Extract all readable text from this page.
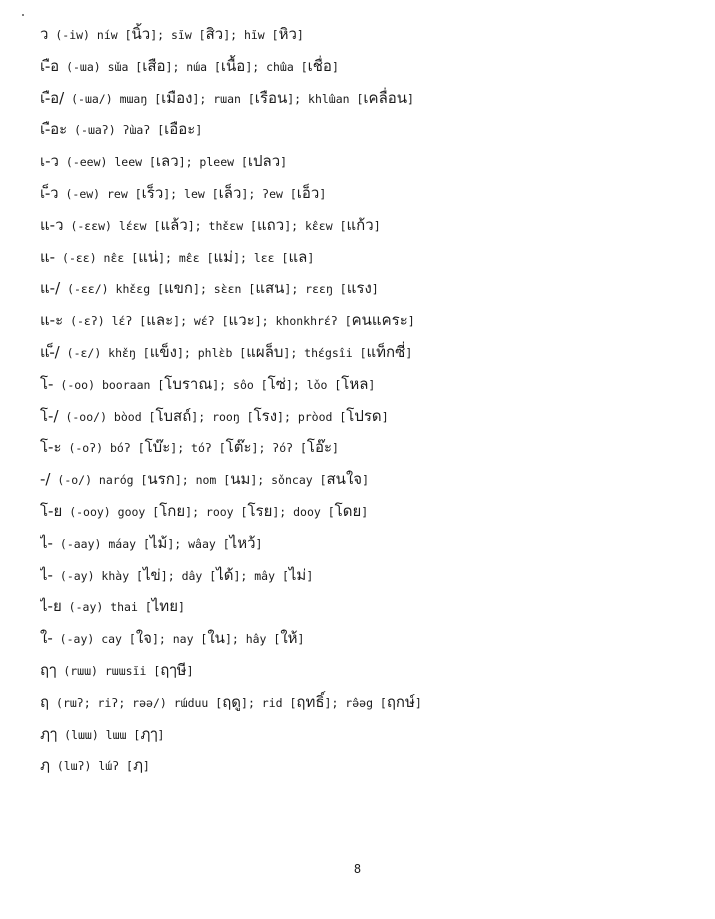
ิว (-iw) níw [นิ้ว]; sĭw [สิว]; hĭw [หิว]
เ-ือ (-ɯa) sɯ̌a [เสือ]; nɯ́a [เนื้อ]; chɯ̂a [เชื่อ]
เ-ือ/ (-ɯa/) mɯaŋ [เมือง]; rɯan [เรือน]; khlɯ̂an [เคลื่อน]
เ-ือะ (-ɯaʔ) ʔɯ̀aʔ [เอือะ]
เ-ว (-eew) leew [เลว]; pleew [เปลว]
เ-็ว (-ew) rew [เร็ว]; lew [เล็ว]; ʔew [เอ็ว]
แ-ว (-ɛɛw) lɛ́ɛw [แล้ว]; thɛ̌ɛw [แถว]; kɛ̂ɛw [แก้ว]
แ- (-ɛɛ) nɛ̂ɛ [แน่]; mɛ̂ɛ [แม่]; lɛɛ [แล]
แ-/ (-ɛɛ/) khɛ̌ɛg [แขก]; sɛ̀ɛn [แสน]; rɛɛŋ [แรง]
แ-ะ (-ɛʔ) lɛ́ʔ [และ]; wɛ́ʔ [แวะ]; khonkhrɛ́ʔ [คนแคระ]
แ-็/ (-ɛ/) khɛ̌ŋ [แข็ง]; phlɛ̀b [แผล็บ]; thɛ́gsîi [แท็กซี่]
โ- (-oo) booraan [โบราณ]; sôo [โซ่]; lǒo [โหล]
โ-/ (-oo/) bòod [โบสถ์]; rooŋ [โรง]; pròod [โปรด]
โ-ะ (-oʔ) bóʔ [โบ๊ะ]; tóʔ [โต๊ะ]; ʔóʔ [โอ๊ะ]
-/ (-o/) naróg [นรก]; nom [นม]; sǒncay [สนใจ]
โ-ย (-ooy) gooy [โกย]; rooy [โรย]; dooy [โดย]
ไ- (-aay) máay [ไม้]; wâay [ไหว้]
ไ- (-ay) khày [ไข่]; dây [ได้]; mây [ไม่]
ไ-ย (-ay) thai [ไทย]
ใ- (-ay) cay [ใจ]; nay [ใน]; hây [ให้]
ฤๅ (rɯɯ) rɯɯsĭi [ฤๅษี]
ฤ (rɯʔ; riʔ; rəə/) rɯ́duu [ฤดู]; rid [ฤทธิ์]; rə̂əg [ฤกษ์]
ฦๅ (lɯɯ) lɯɯ [ฦๅ]
ฦ (lɯʔ) lɯ́ʔ [ฦ]
8
